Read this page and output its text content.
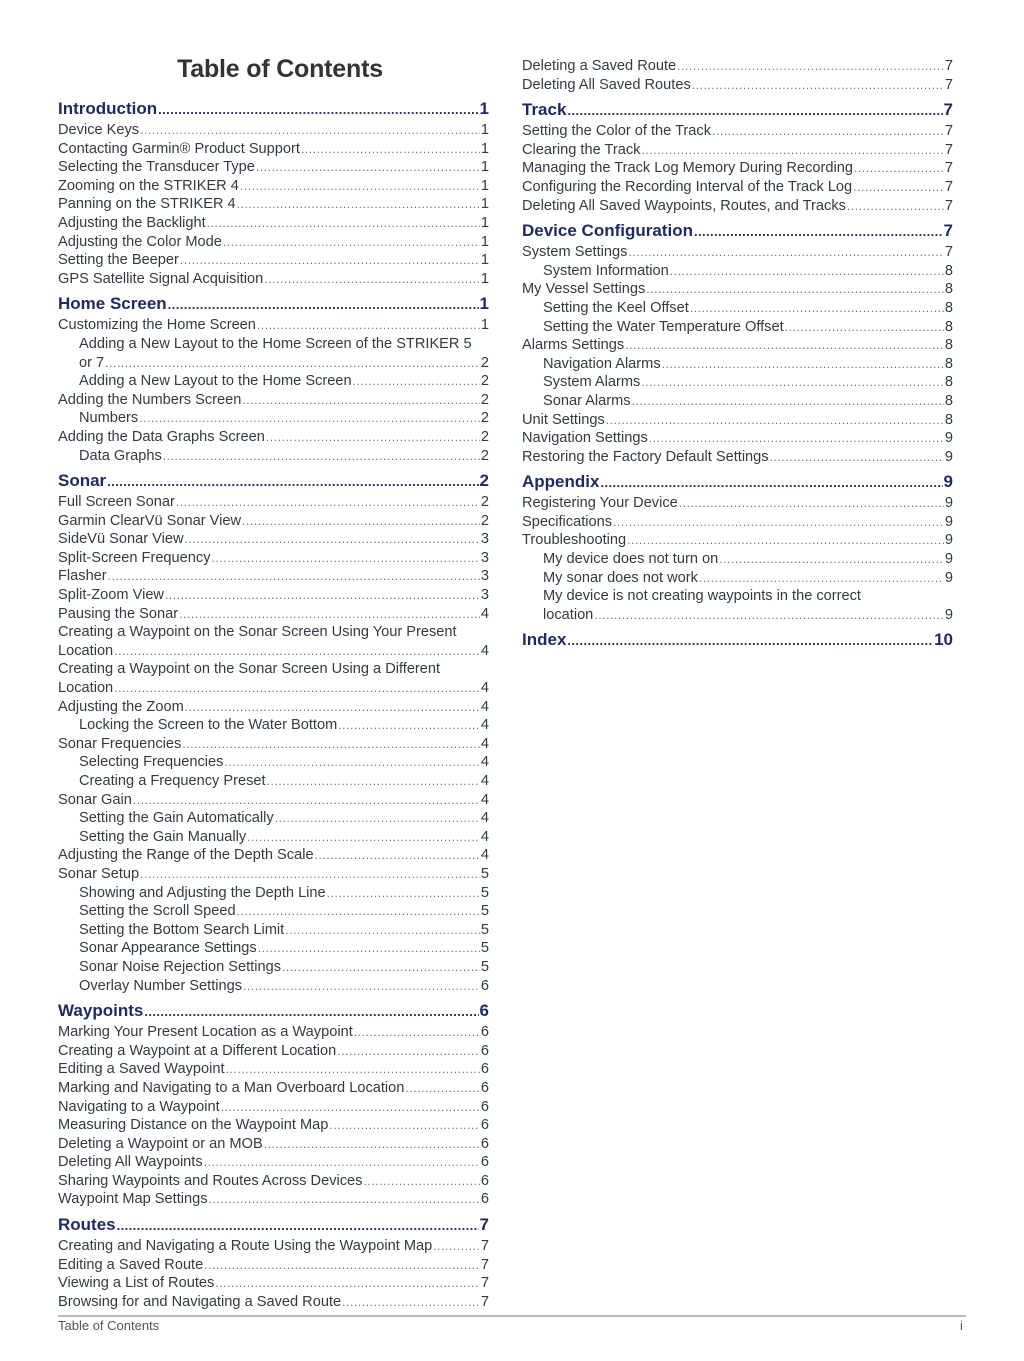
Table of Contents
Introduction .....	1
Device Keys .....	1
Contacting Garmin® Product Support .....	1
Selecting the Transducer Type .....	1
Zooming on the STRIKER 4 .....	1
Panning on the STRIKER 4 .....	1
Adjusting the Backlight .....	1
Adjusting the Color Mode .....	1
Setting the Beeper .....	1
GPS Satellite Signal Acquisition .....	1
Home Screen .....	1
Customizing the Home Screen .....	1
Adding a New Layout to the Home Screen of the STRIKER 5
or 7 .....	2
Adding a New Layout to the Home Screen .....	2
Adding the Numbers Screen .....	2
Numbers .....	2
Adding the Data Graphs Screen .....	2
Data Graphs .....	2
Sonar .....	2
Full Screen Sonar .....	2
Garmin ClearVü Sonar View .....	2
SideVü Sonar View .....	3
Split-Screen Frequency .....	3
Flasher .....	3
Split-Zoom View .....	3
Pausing the Sonar .....	4
Creating a Waypoint on the Sonar Screen Using Your Present
Location .....	4
Creating a Waypoint on the Sonar Screen Using a Different
Location .....	4
Adjusting the Zoom .....	4
Locking the Screen to the Water Bottom .....	4
Sonar Frequencies .....	4
Selecting Frequencies .....	4
Creating a Frequency Preset .....	4
Sonar Gain .....	4
Setting the Gain Automatically .....	4
Setting the Gain Manually .....	4
Adjusting the Range of the Depth Scale .....	4
Sonar Setup .....	5
Showing and Adjusting the Depth Line .....	5
Setting the Scroll Speed .....	5
Setting the Bottom Search Limit .....	5
Sonar Appearance Settings .....	5
Sonar Noise Rejection Settings .....	5
Overlay Number Settings .....	6
Waypoints .....	6
Marking Your Present Location as a Waypoint .....	6
Creating a Waypoint at a Different Location .....	6
Editing a Saved Waypoint .....	6
Marking and Navigating to a Man Overboard Location .....	6
Navigating to a Waypoint .....	6
Measuring Distance on the Waypoint Map .....	6
Deleting a Waypoint or an MOB .....	6
Deleting All Waypoints .....	6
Sharing Waypoints and Routes Across Devices .....	6
Waypoint Map Settings .....	6
Routes .....	7
Creating and Navigating a Route Using the Waypoint Map .....	7
Editing a Saved Route .....	7
Viewing a List of Routes .....	7
Browsing for and Navigating a Saved Route .....	7
Deleting a Saved Route .....	7
Deleting All Saved Routes .....	7
Track .....	7
Setting the Color of the Track .....	7
Clearing the Track .....	7
Managing the Track Log Memory During Recording .....	7
Configuring the Recording Interval of the Track Log .....	7
Deleting All Saved Waypoints, Routes, and Tracks .....	7
Device Configuration .....	7
System Settings .....	7
System Information .....	8
My Vessel Settings .....	8
Setting the Keel Offset .....	8
Setting the Water Temperature Offset .....	8
Alarms Settings .....	8
Navigation Alarms .....	8
System Alarms .....	8
Sonar Alarms .....	8
Unit Settings .....	8
Navigation Settings .....	9
Restoring the Factory Default Settings .....	9
Appendix .....	9
Registering Your Device .....	9
Specifications .....	9
Troubleshooting .....	9
My device does not turn on .....	9
My sonar does not work .....	9
My device is not creating waypoints in the correct
location .....	9
Index .....	10
Table of Contents	i
